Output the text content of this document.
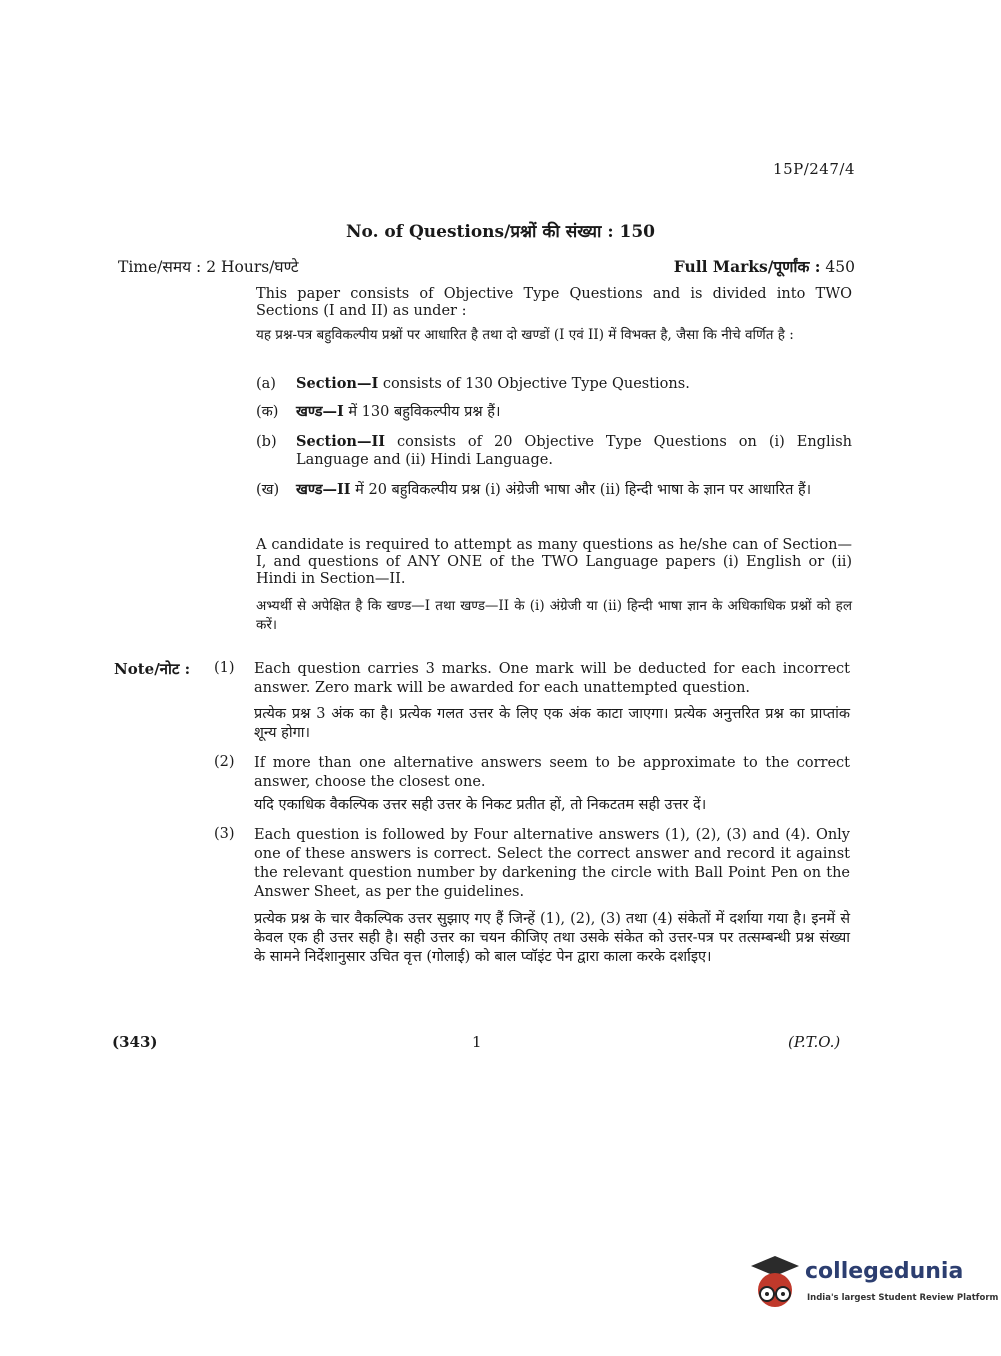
15P/247/4
No. of Questions/प्रश्नों की संख्या : 150
Time/समय : 2 Hours/घण्टे	Full Marks/पूर्णांक : 450
This paper consists of Objective Type Questions and is divided into TWO Sections (I and II) as under :
यह प्रश्न-पत्र बहुविकल्पीय प्रश्नों पर आधारित है तथा दो खण्डों (I एवं II) में विभक्त है, जैसा कि नीचे वर्णित है :
(a) Section—I consists of 130 Objective Type Questions.
(क) खण्ड—I में 130 बहुविकल्पीय प्रश्न हैं।
(b) Section—II consists of 20 Objective Type Questions on (i) English Language and (ii) Hindi Language.
(ख) खण्ड—II में 20 बहुविकल्पीय प्रश्न (i) अंग्रेजी भाषा और (ii) हिन्दी भाषा के ज्ञान पर आधारित हैं।
A candidate is required to attempt as many questions as he/she can of Section—I, and questions of ANY ONE of the TWO Language papers (i) English or (ii) Hindi in Section—II.
अभ्यर्थी से अपेक्षित है कि खण्ड—I तथा खण्ड—II के (i) अंग्रेजी या (ii) हिन्दी भाषा ज्ञान के अधिकाधिक प्रश्नों को हल करें।
Note/नोट : (1) Each question carries 3 marks. One mark will be deducted for each incorrect answer. Zero mark will be awarded for each unattempted question.
प्रत्येक प्रश्न 3 अंक का है। प्रत्येक गलत उत्तर के लिए एक अंक काटा जाएगा। प्रत्येक अनुत्तरित प्रश्न का प्राप्तांक शून्य होगा।
(2) If more than one alternative answers seem to be approximate to the correct answer, choose the closest one.
यदि एकाधिक वैकल्पिक उत्तर सही उत्तर के निकट प्रतीत हों, तो निकटतम सही उत्तर दें।
(3) Each question is followed by Four alternative answers (1), (2), (3) and (4). Only one of these answers is correct. Select the correct answer and record it against the relevant question number by darkening the circle with Ball Point Pen on the Answer Sheet, as per the guidelines.
प्रत्येक प्रश्न के चार वैकल्पिक उत्तर सुझाए गए हैं जिन्हें (1), (2), (3) तथा (4) संकेतों में दर्शाया गया है। इनमें से केवल एक ही उत्तर सही है। सही उत्तर का चयन कीजिए तथा उसके संकेत को उत्तर-पत्र पर तत्सम्बन्धी प्रश्न संख्या के सामने निर्देशानुसार उचित वृत्त (गोलाई) को बाल प्वॉइंट पेन द्वारा काला करके दर्शाइए।
(343)	1	(P.T.O.)
collegedunia
India's largest Student Review Platform
